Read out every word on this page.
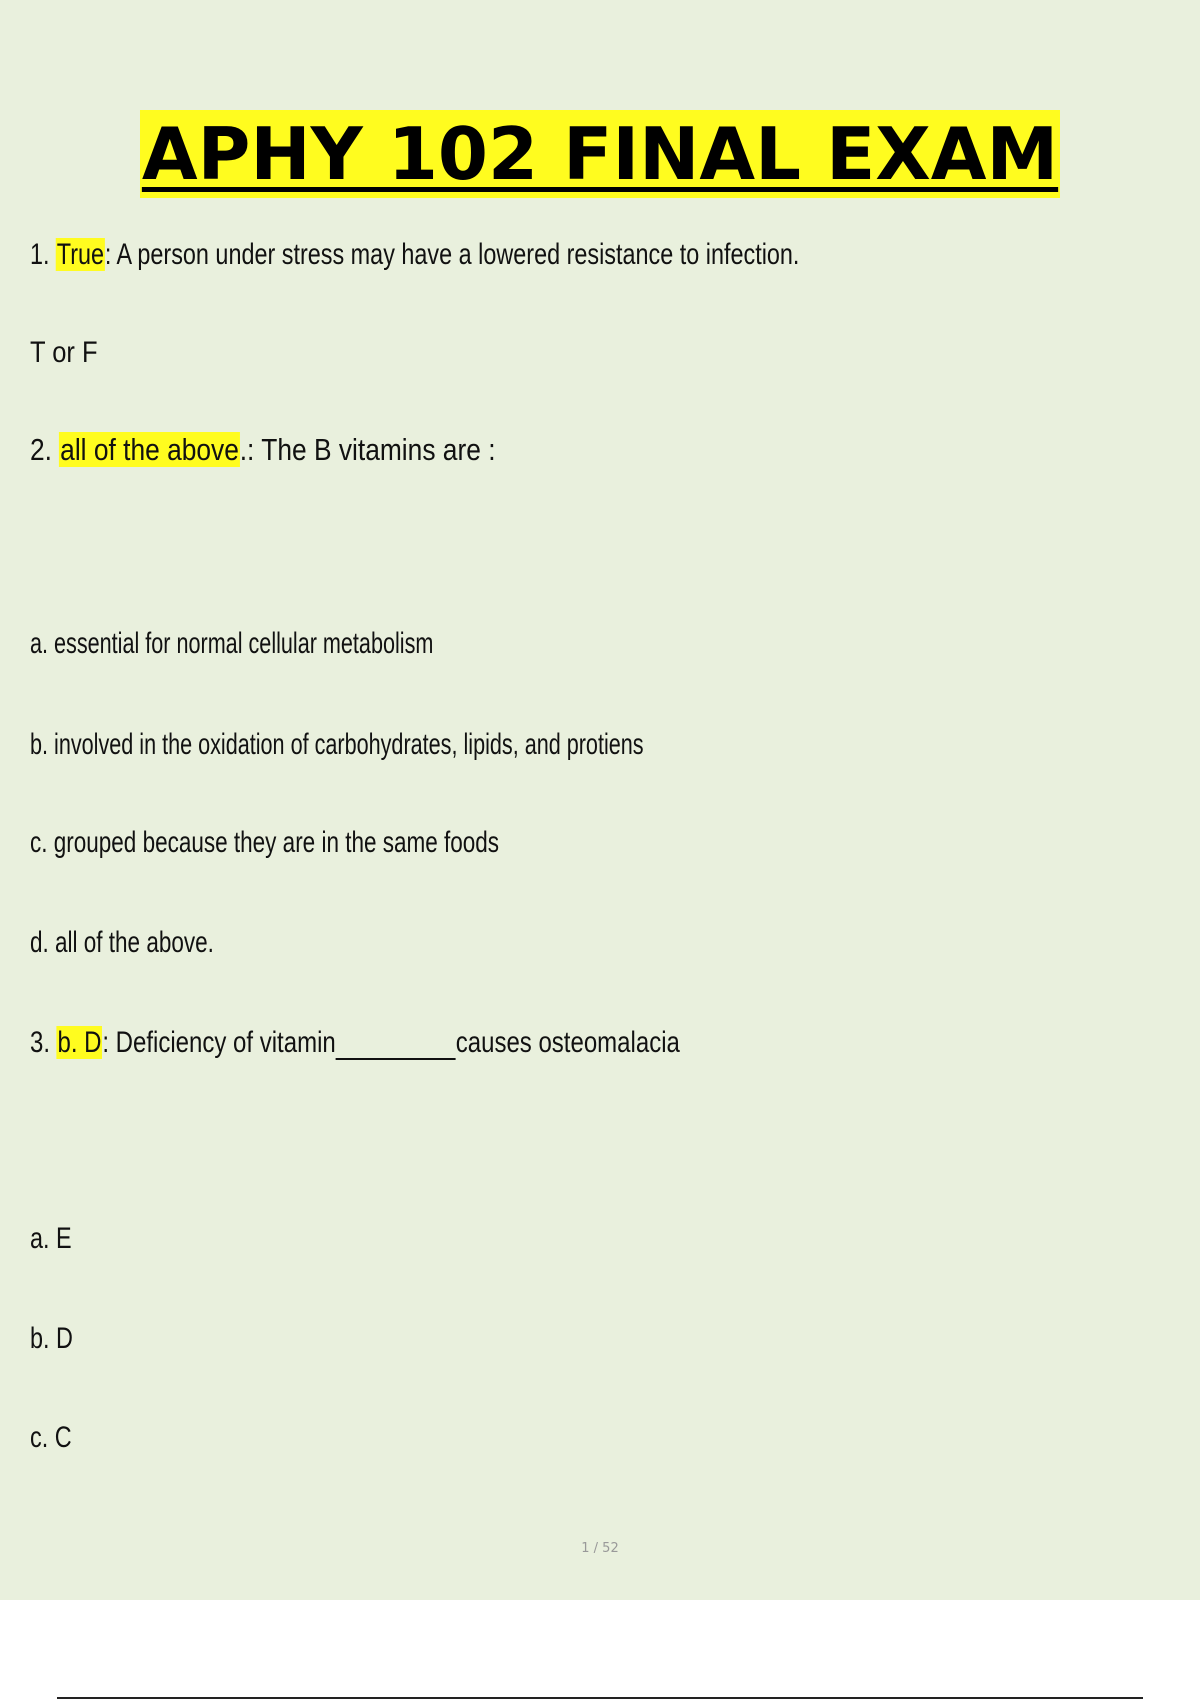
APHY 102 FINAL EXAM
1. True: A person under stress may have a lowered resistance to infection.
T or F
2. all of the above.: The B vitamins are :
a. essential for normal cellular metabolism
b. involved in the oxidation of carbohydrates, lipids, and protiens
c. grouped because they are in the same foods
d. all of the above.
3. b. D: Deficiency of vitamin	causes osteomalacia
a. E
b. D
c. C
1 / 52
